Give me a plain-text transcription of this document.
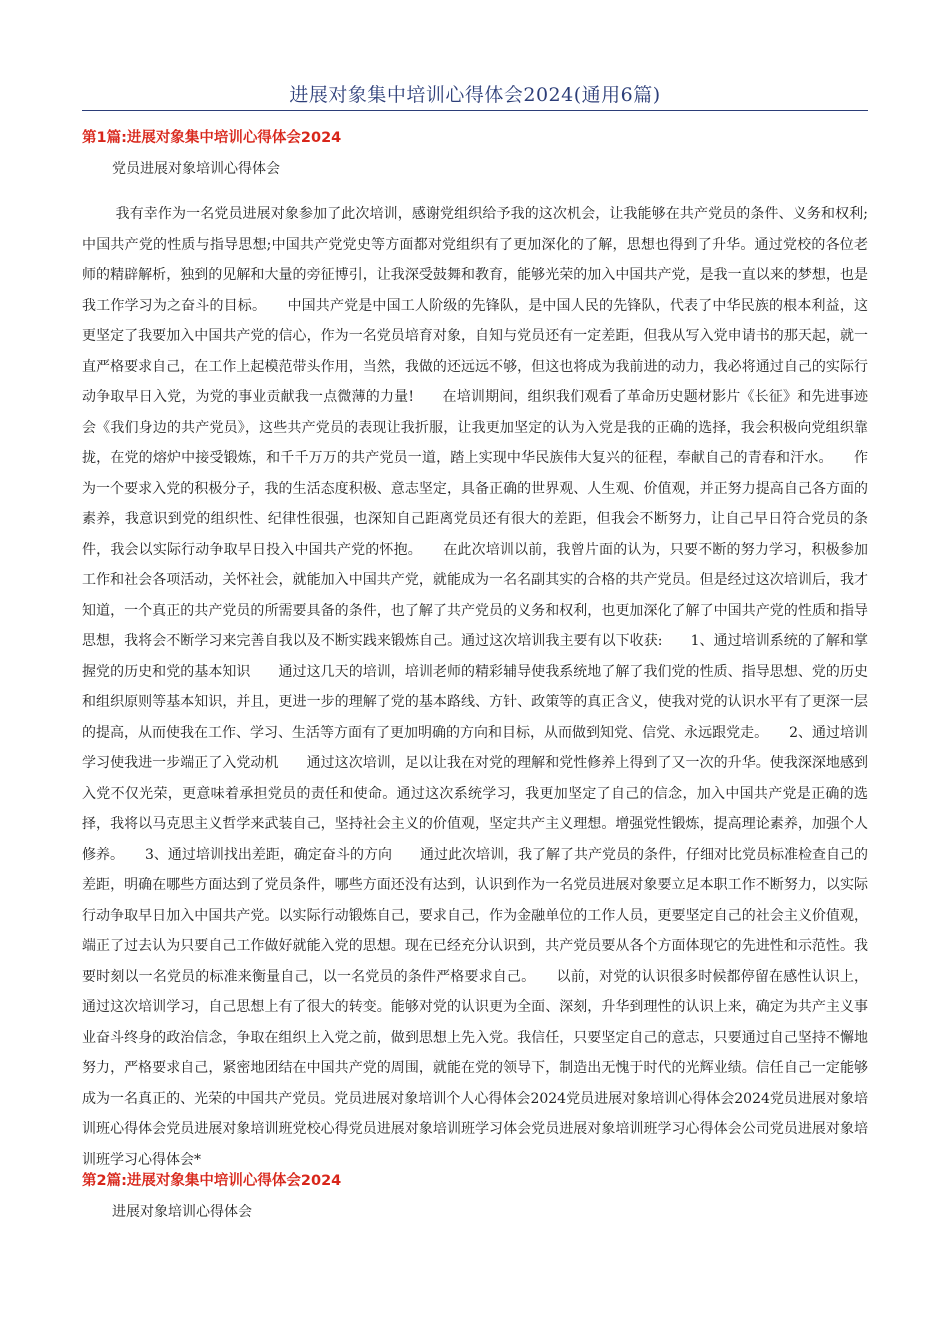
进展对象集中培训心得体会2024(通用6篇)
第1篇:进展对象集中培训心得体会2024
党员进展对象培训心得体会

我有幸作为一名党员进展对象参加了此次培训，感谢党组织给予我的这次机会，让我能够在共产党员的条件、义务和权利;中国共产党的性质与指导思想;中国共产党党史等方面都对党组织有了更加深化的了解，思想也得到了升华。通过党校的各位老师的精辟解析，独到的见解和大量的旁征博引，让我深受鼓舞和教育，能够光荣的加入中国共产党，是我一直以来的梦想，也是我工作学习为之奋斗的目标。　　中国共产党是中国工人阶级的先锋队，是中国人民的先锋队，代表了中华民族的根本利益，这更坚定了我要加入中国共产党的信心，作为一名党员培育对象，自知与党员还有一定差距，但我从写入党申请书的那天起，就一直严格要求自己，在工作上起模范带头作用，当然，我做的还远远不够，但这也将成为我前进的动力，我必将通过自己的实际行动争取早日入党，为党的事业贡献我一点微薄的力量!　　在培训期间，组织我们观看了革命历史题材影片《长征》和先进事迹会《我们身边的共产党员》，这些共产党员的表现让我折服，让我更加坚定的认为入党是我的正确的选择，我会积极向党组织靠拢，在党的熔炉中接受锻炼，和千千万万的共产党员一道，踏上实现中华民族伟大复兴的征程，奉献自己的青春和汗水。　　作为一个要求入党的积极分子，我的生活态度积极、意志坚定，具备正确的世界观、人生观、价值观，并正努力提高自己各方面的素养，我意识到党的组织性、纪律性很强，也深知自己距离党员还有很大的差距，但我会不断努力，让自己早日符合党员的条件，我会以实际行动争取早日投入中国共产党的怀抱。　　在此次培训以前，我曾片面的认为，只要不断的努力学习，积极参加工作和社会各项活动，关怀社会，就能加入中国共产党，就能成为一名名副其实的合格的共产党员。但是经过这次培训后，我才知道，一个真正的共产党员的所需要具备的条件，也了解了共产党员的义务和权利，也更加深化了解了中国共产党的性质和指导思想，我将会不断学习来完善自我以及不断实践来锻炼自己。通过这次培训我主要有以下收获:　　1、通过培训系统的了解和掌握党的历史和党的基本知识　　通过这几天的培训，培训老师的精彩辅导使我系统地了解了我们党的性质、指导思想、党的历史和组织原则等基本知识，并且，更进一步的理解了党的基本路线、方针、政策等的真正含义，使我对党的认识水平有了更深一层的提高，从而使我在工作、学习、生活等方面有了更加明确的方向和目标，从而做到知党、信党、永远跟党走。　　2、通过培训学习使我进一步端正了入党动机　　通过这次培训，足以让我在对党的理解和党性修养上得到了又一次的升华。使我深深地感到入党不仅光荣，更意味着承担党员的责任和使命。通过这次系统学习，我更加坚定了自己的信念，加入中国共产党是正确的选择，我将以马克思主义哲学来武装自己，坚持社会主义的价值观，坚定共产主义理想。增强党性锻炼，提高理论素养，加强个人修养。　　3、通过培训找出差距，确定奋斗的方向　　通过此次培训，我了解了共产党员的条件，仔细对比党员标准检查自己的差距，明确在哪些方面达到了党员条件，哪些方面还没有达到，认识到作为一名党员进展对象要立足本职工作不断努力，以实际行动争取早日加入中国共产党。以实际行动锻炼自己，要求自己，作为金融单位的工作人员，更要坚定自己的社会主义价值观，端正了过去认为只要自己工作做好就能入党的思想。现在已经充分认识到，共产党员要从各个方面体现它的先进性和示范性。我要时刻以一名党员的标准来衡量自己，以一名党员的条件严格要求自己。　　以前，对党的认识很多时候都停留在感性认识上，通过这次培训学习，自己思想上有了很大的转变。能够对党的认识更为全面、深刻，升华到理性的认识上来，确定为共产主义事业奋斗终身的政治信念，争取在组织上入党之前，做到思想上先入党。我信任，只要坚定自己的意志，只要通过自己坚持不懈地努力，严格要求自己，紧密地团结在中国共产党的周围，就能在党的领导下，制造出无愧于时代的光辉业绩。信任自己一定能够成为一名真正的、光荣的中国共产党员。党员进展对象培训个人心得体会2024党员进展对象培训心得体会2024党员进展对象培训班心得体会党员进展对象培训班党校心得党员进展对象培训班学习体会党员进展对象培训班学习心得体会公司党员进展对象培训班学习心得体会*

第2篇:进展对象集中培训心得体会2024
进展对象培训心得体会
